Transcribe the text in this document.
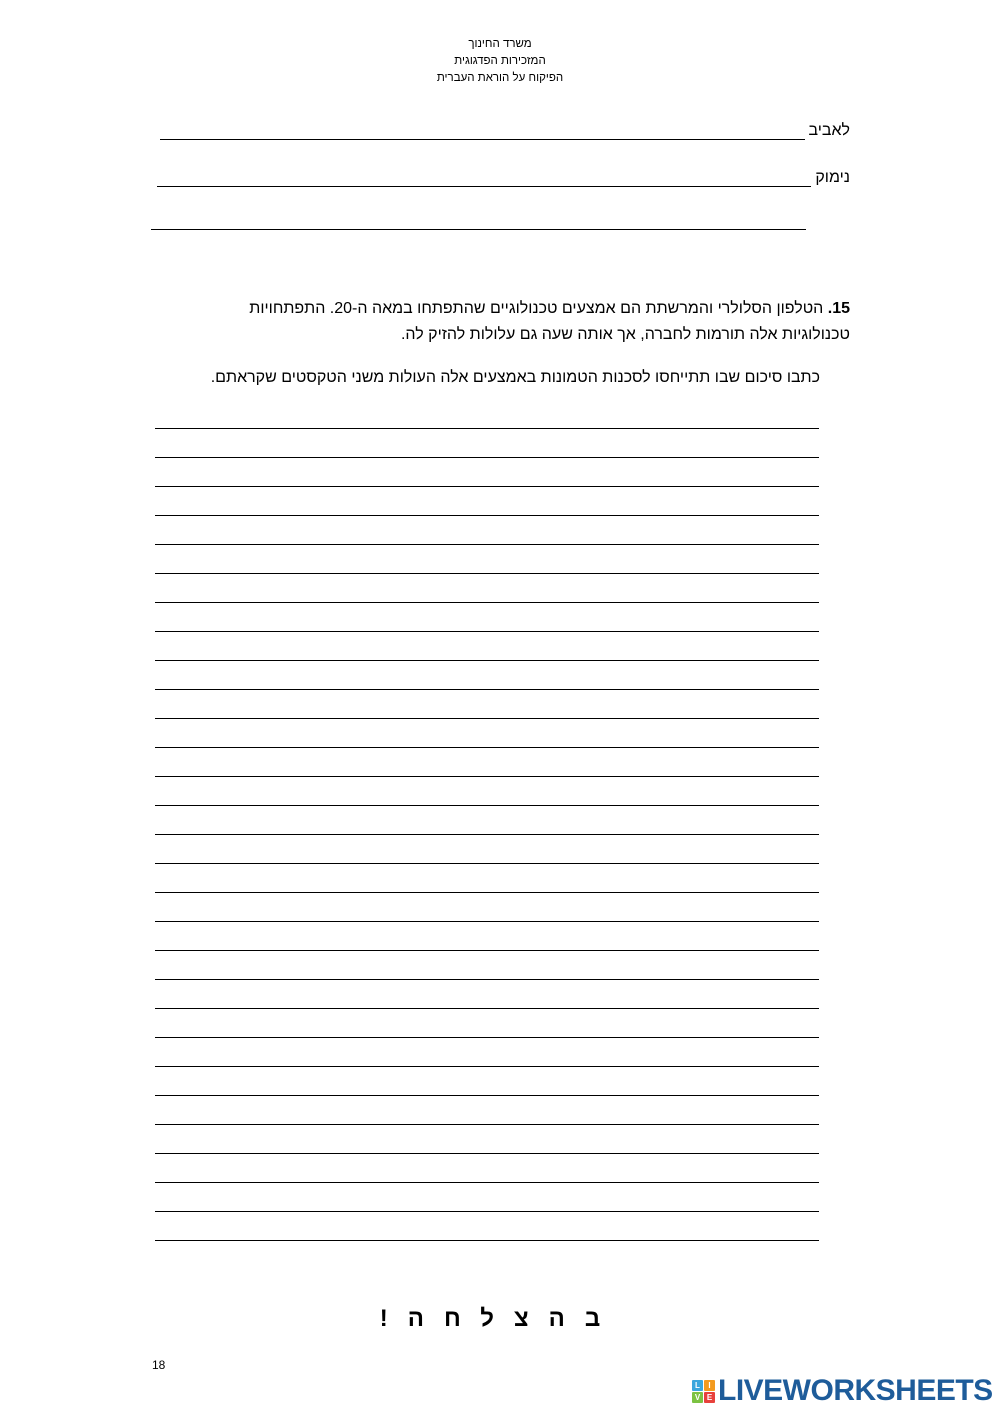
משרד החינוך
המזכירות הפדגוגית
הפיקוח על הוראת העברית
לאביב
נימוק
15. הטלפון הסלולרי והמרשתת הם אמצעים טכנולוגיים שהתפתחו במאה ה-20. התפתחויות טכנולוגיות אלה תורמות לחברה, אך אותה שעה גם עלולות להזיק לה.
כתבו סיכום שבו תתייחסו לסכנות הטמונות באמצעים אלה העולות משני הטקסטים שקראתם.
בהצלחה!
18
L	I
V E LIVEWORKSHEETS
